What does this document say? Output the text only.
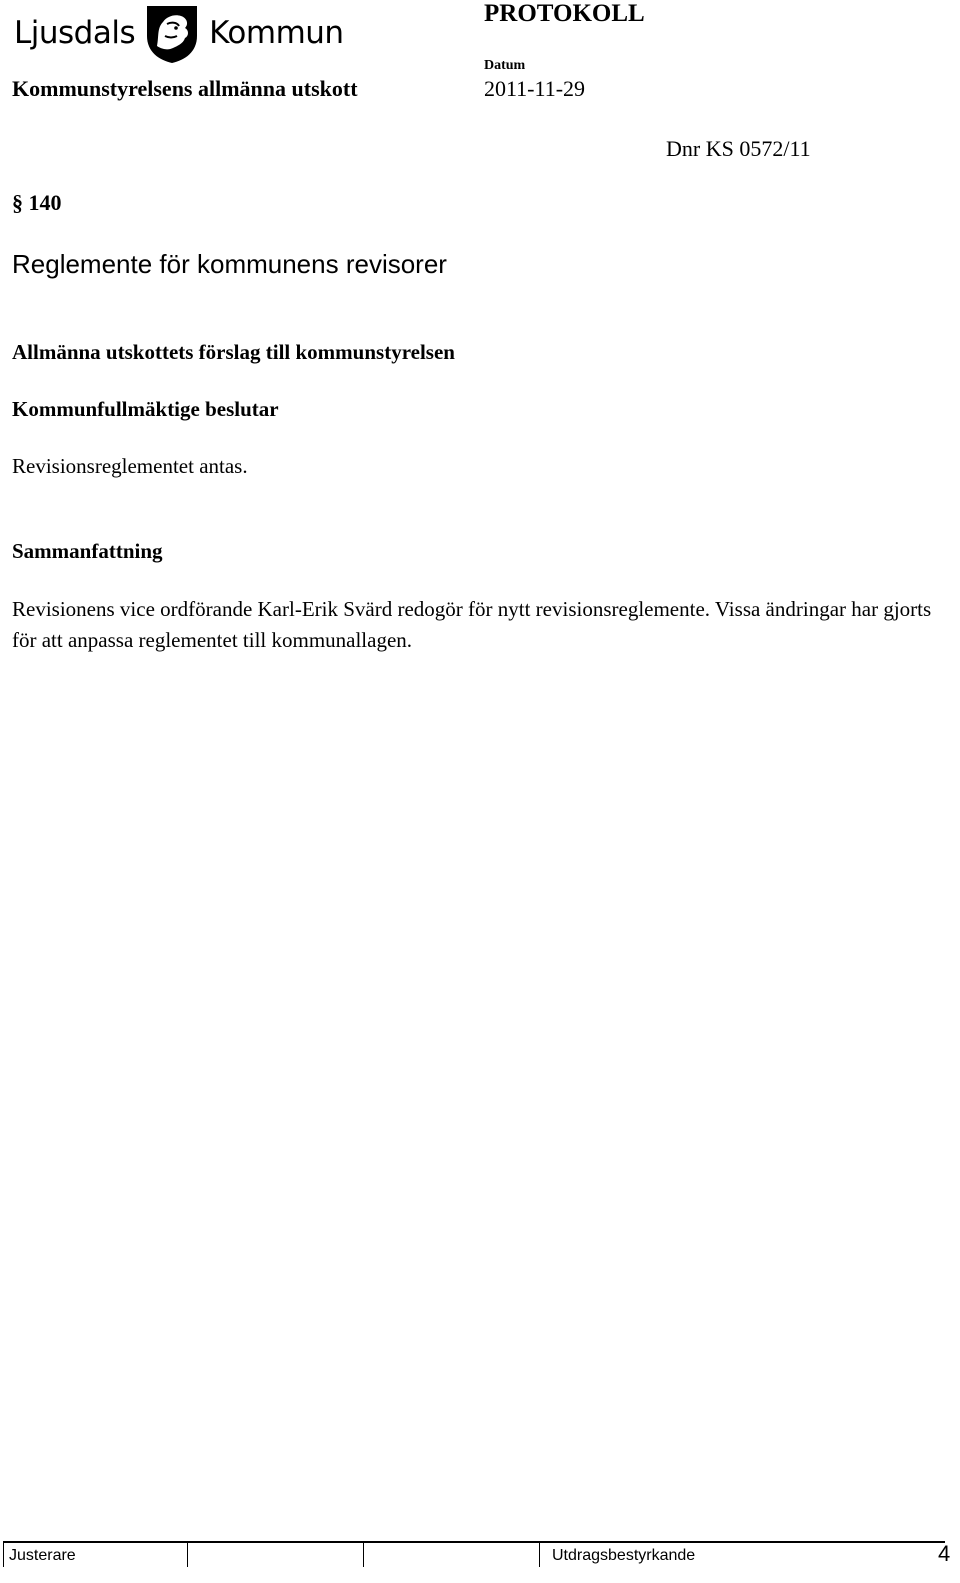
Ljusdals Kommun
PROTOKOLL
Kommunstyrelsens allmänna utskott
Datum
2011-11-29
Dnr KS 0572/11
§ 140
Reglemente för kommunens revisorer
Allmänna utskottets förslag till kommunstyrelsen
Kommunfullmäktige beslutar
Revisionsreglementet antas.
Sammanfattning
Revisionens vice ordförande Karl-Erik Svärd redogör för nytt revisionsreglemente. Vissa ändringar har gjorts för att anpassa reglementet till kommunallagen.
Justerare	Utdragsbestyrkande	4
